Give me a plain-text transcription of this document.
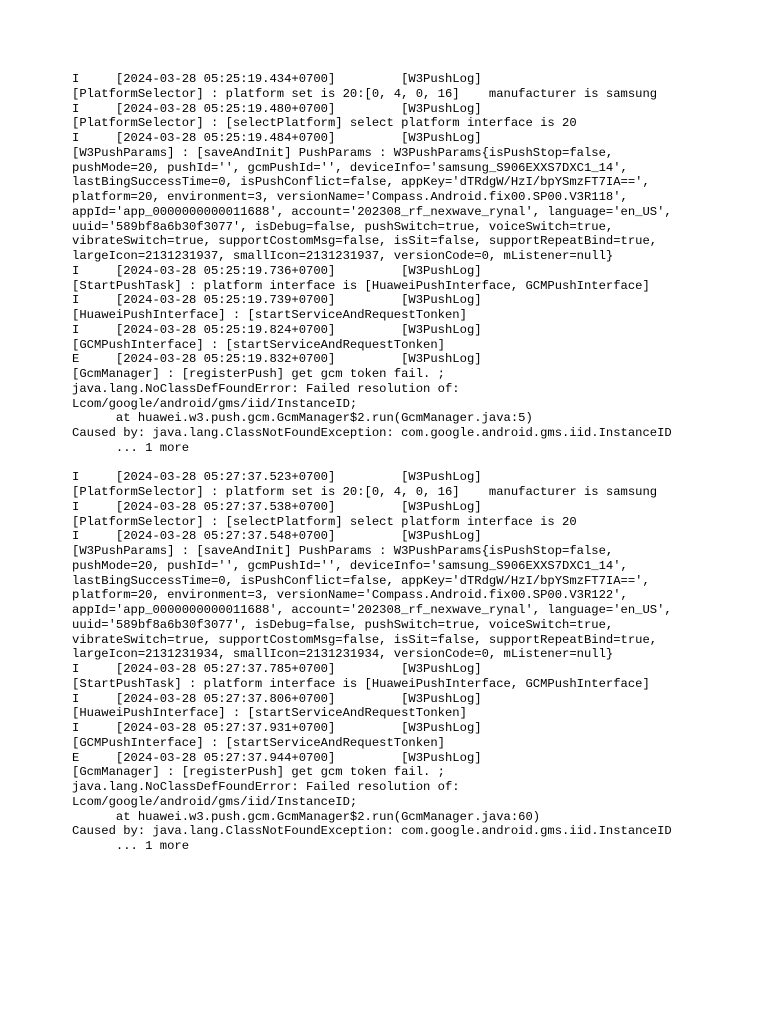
I     [2024-03-28 05:25:19.434+0700]         [W3PushLog]
[PlatformSelector] : platform set is 20:[0, 4, 0, 16]    manufacturer is samsung
I     [2024-03-28 05:25:19.480+0700]         [W3PushLog]
[PlatformSelector] : [selectPlatform] select platform interface is 20
I     [2024-03-28 05:25:19.484+0700]         [W3PushLog]
[W3PushParams] : [saveAndInit] PushParams : W3PushParams{isPushStop=false,
pushMode=20, pushId='', gcmPushId='', deviceInfo='samsung_S906EXXS7DXC1_14',
lastBingSuccessTime=0, isPushConflict=false, appKey='dTRdgW/HzI/bpYSmzFT7IA==',
platform=20, environment=3, versionName='Compass.Android.fix00.SP00.V3R118',
appId='app_0000000000011688', account='202308_rf_nexwave_rynal', language='en_US',
uuid='589bf8a6b30f3077', isDebug=false, pushSwitch=true, voiceSwitch=true,
vibrateSwitch=true, supportCostomMsg=false, isSit=false, supportRepeatBind=true,
largeIcon=2131231937, smallIcon=2131231937, versionCode=0, mListener=null}
I     [2024-03-28 05:25:19.736+0700]         [W3PushLog]
[StartPushTask] : platform interface is [HuaweiPushInterface, GCMPushInterface]
I     [2024-03-28 05:25:19.739+0700]         [W3PushLog]
[HuaweiPushInterface] : [startServiceAndRequestTonken]
I     [2024-03-28 05:25:19.824+0700]         [W3PushLog]
[GCMPushInterface] : [startServiceAndRequestTonken]
E     [2024-03-28 05:25:19.832+0700]         [W3PushLog]
[GcmManager] : [registerPush] get gcm token fail. ;
java.lang.NoClassDefFoundError: Failed resolution of:
Lcom/google/android/gms/iid/InstanceID;
at huawei.w3.push.gcm.GcmManager$2.run(GcmManager.java:5)
Caused by: java.lang.ClassNotFoundException: com.google.android.gms.iid.InstanceID
... 1 more
I     [2024-03-28 05:27:37.523+0700]         [W3PushLog]
[PlatformSelector] : platform set is 20:[0, 4, 0, 16]    manufacturer is samsung
I     [2024-03-28 05:27:37.538+0700]         [W3PushLog]
[PlatformSelector] : [selectPlatform] select platform interface is 20
I     [2024-03-28 05:27:37.548+0700]         [W3PushLog]
[W3PushParams] : [saveAndInit] PushParams : W3PushParams{isPushStop=false,
pushMode=20, pushId='', gcmPushId='', deviceInfo='samsung_S906EXXS7DXC1_14',
lastBingSuccessTime=0, isPushConflict=false, appKey='dTRdgW/HzI/bpYSmzFT7IA==',
platform=20, environment=3, versionName='Compass.Android.fix00.SP00.V3R122',
appId='app_0000000000011688', account='202308_rf_nexwave_rynal', language='en_US',
uuid='589bf8a6b30f3077', isDebug=false, pushSwitch=true, voiceSwitch=true,
vibrateSwitch=true, supportCostomMsg=false, isSit=false, supportRepeatBind=true,
largeIcon=2131231934, smallIcon=2131231934, versionCode=0, mListener=null}
I     [2024-03-28 05:27:37.785+0700]         [W3PushLog]
[StartPushTask] : platform interface is [HuaweiPushInterface, GCMPushInterface]
I     [2024-03-28 05:27:37.806+0700]         [W3PushLog]
[HuaweiPushInterface] : [startServiceAndRequestTonken]
I     [2024-03-28 05:27:37.931+0700]         [W3PushLog]
[GCMPushInterface] : [startServiceAndRequestTonken]
E     [2024-03-28 05:27:37.944+0700]         [W3PushLog]
[GcmManager] : [registerPush] get gcm token fail. ;
java.lang.NoClassDefFoundError: Failed resolution of:
Lcom/google/android/gms/iid/InstanceID;
at huawei.w3.push.gcm.GcmManager$2.run(GcmManager.java:60)
Caused by: java.lang.ClassNotFoundException: com.google.android.gms.iid.InstanceID
... 1 more
